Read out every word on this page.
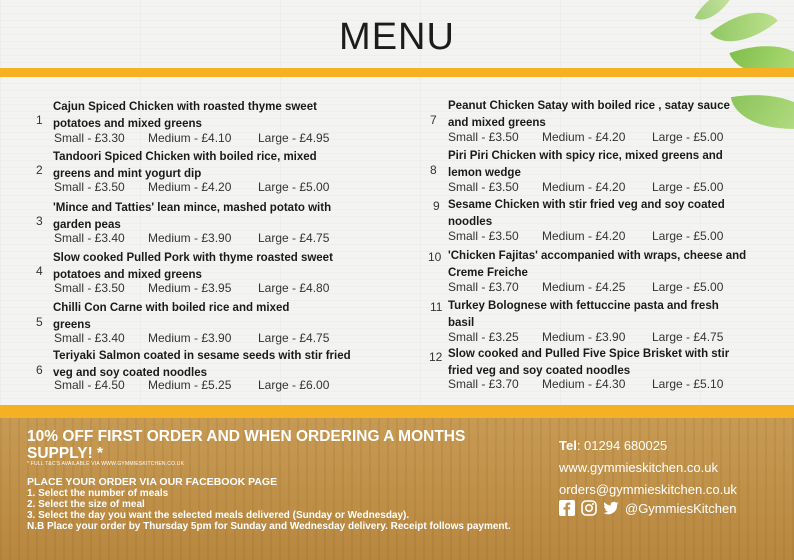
MENU
1
Cajun Spiced Chicken with roasted thyme sweet potatoes and mixed greens
Small - £3.30 Medium - £4.10 Large - £4.95
2
Tandoori Spiced Chicken with boiled rice, mixed greens and mint yogurt dip
Small - £3.50 Medium - £4.20 Large - £5.00
3
'Mince and Tatties' lean mince, mashed potato with garden peas
Small - £3.40 Medium - £3.90 Large - £4.75
4
Slow cooked Pulled Pork with thyme roasted sweet potatoes and mixed greens
Small - £3.50 Medium - £3.95 Large - £4.80
5
Chilli Con Carne with boiled rice and mixed greens
Small - £3.40 Medium - £3.90 Large - £4.75
6
Teriyaki Salmon coated in sesame seeds with stir fried veg and soy coated noodles
Small - £4.50 Medium - £5.25 Large - £6.00
7
Peanut Chicken Satay with boiled rice , satay sauce and mixed greens
Small - £3.50 Medium - £4.20 Large - £5.00
8
Piri Piri Chicken with spicy rice, mixed greens and lemon wedge
Small - £3.50 Medium - £4.20 Large - £5.00
9 Sesame Chicken with stir fried veg and soy coated noodles
Small - £3.50 Medium - £4.20 Large - £5.00
10 'Chicken Fajitas' accompanied with wraps, cheese and Creme Freiche
Small - £3.70 Medium - £4.25 Large - £5.00
11 Turkey Bolognese with fettuccine pasta and fresh basil
Small - £3.25 Medium - £3.90 Large - £4.75
12 Slow cooked and Pulled Five Spice Brisket with stir fried veg and soy coated noodles
Small - £3.70 Medium - £4.30 Large - £5.10
10% OFF FIRST ORDER AND WHEN ORDERING A MONTHS SUPPLY! *
* FULL T&C'S AVAILABLE VIA WWW.GYMMIESKITCHEN.CO.UK
PLACE YOUR ORDER VIA OUR FACEBOOK PAGE
1. Select the number of meals
2. Select the size of meal
3. Select the day you want the selected meals delivered (Sunday or Wednesday).
N.B Place your order by Thursday 5pm for Sunday and Wednesday delivery. Receipt follows payment.
Tel: 01294 680025
www.gymmieskitchen.co.uk
orders@gymmieskitchen.co.uk
@GymmiesKitchen
